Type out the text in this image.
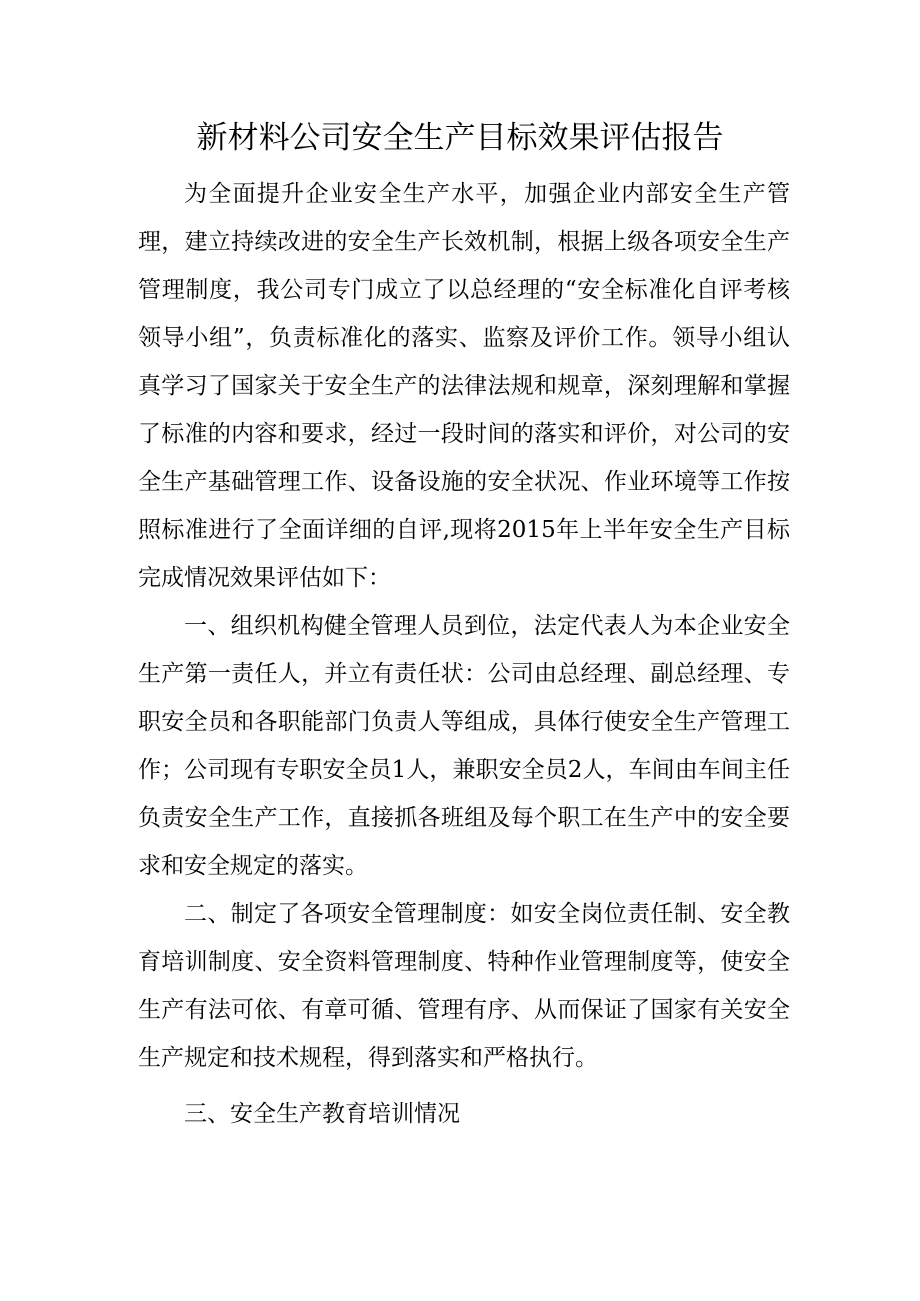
新材料公司安全生产目标效果评估报告

为全面提升企业安全生产水平，加强企业内部安全生产管理，建立持续改进的安全生产长效机制，根据上级各项安全生产管理制度，我公司专门成立了以总经理的“安全标准化自评考核领导小组”，负责标准化的落实、监察及评价工作。领导小组认真学习了国家关于安全生产的法律法规和规章，深刻理解和掌握了标准的内容和要求，经过一段时间的落实和评价，对公司的安全生产基础管理工作、设备设施的安全状况、作业环境等工作按照标准进行了全面详细的自评,现将2015年上半年安全生产目标完成情况效果评估如下：

一、组织机构健全管理人员到位，法定代表人为本企业安全生产第一责任人，并立有责任状：公司由总经理、副总经理、专职安全员和各职能部门负责人等组成，具体行使安全生产管理工作；公司现有专职安全员1人，兼职安全员2人，车间由车间主任负责安全生产工作，直接抓各班组及每个职工在生产中的安全要求和安全规定的落实。

二、制定了各项安全管理制度：如安全岗位责任制、安全教育培训制度、安全资料管理制度、特种作业管理制度等，使安全生产有法可依、有章可循、管理有序、从而保证了国家有关安全生产规定和技术规程，得到落实和严格执行。

三、安全生产教育培训情况
